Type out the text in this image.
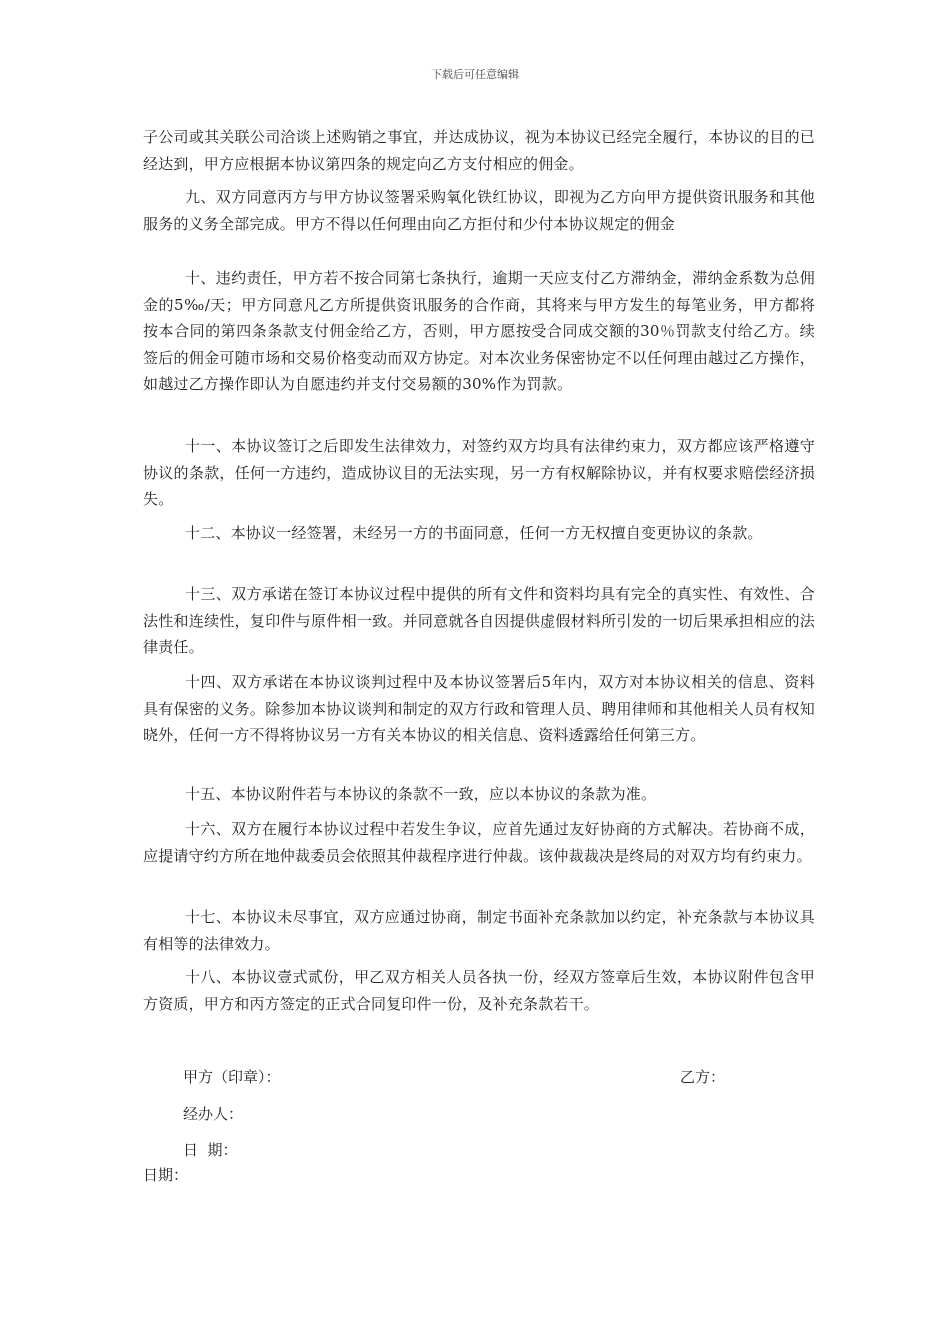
下载后可任意编辑

子公司或其关联公司洽谈上述购销之事宜，并达成协议，视为本协议已经完全履行，本协议的目的已经达到，甲方应根据本协议第四条的规定向乙方支付相应的佣金。

九、双方同意丙方与甲方协议签署采购氧化铁红协议，即视为乙方向甲方提供资讯服务和其他服务的义务全部完成。甲方不得以任何理由向乙方拒付和少付本协议规定的佣金

十、违约责任，甲方若不按合同第七条执行，逾期一天应支付乙方滞纳金，滞纳金系数为总佣金的5‰/天；甲方同意凡乙方所提供资讯服务的合作商，其将来与甲方发生的每笔业务，甲方都将按本合同的第四条条款支付佣金给乙方，否则，甲方愿按受合同成交额的30％罚款支付给乙方。续签后的佣金可随市场和交易价格变动而双方协定。对本次业务保密协定不以任何理由越过乙方操作，如越过乙方操作即认为自愿违约并支付交易额的30%作为罚款。

十一、本协议签订之后即发生法律效力，对签约双方均具有法律约束力，双方都应该严格遵守协议的条款，任何一方违约，造成协议目的无法实现，另一方有权解除协议，并有权要求赔偿经济损失。

十二、本协议一经签署，未经另一方的书面同意，任何一方无权擅自变更协议的条款。

十三、双方承诺在签订本协议过程中提供的所有文件和资料均具有完全的真实性、有效性、合法性和连续性，复印件与原件相一致。并同意就各自因提供虚假材料所引发的一切后果承担相应的法律责任。

十四、双方承诺在本协议谈判过程中及本协议签署后5年内，双方对本协议相关的信息、资料具有保密的义务。除参加本协议谈判和制定的双方行政和管理人员、聘用律师和其他相关人员有权知晓外，任何一方不得将协议另一方有关本协议的相关信息、资料透露给任何第三方。

十五、本协议附件若与本协议的条款不一致，应以本协议的条款为准。

十六、双方在履行本协议过程中若发生争议，应首先通过友好协商的方式解决。若协商不成，应提请守约方所在地仲裁委员会依照其仲裁程序进行仲裁。该仲裁裁决是终局的对双方均有约束力。

十七、本协议未尽事宜，双方应通过协商，制定书面补充条款加以约定，补充条款与本协议具有相等的法律效力。

十八、本协议壹式贰份，甲乙双方相关人员各执一份，经双方签章后生效，本协议附件包含甲方资质，甲方和丙方签定的正式合同复印件一份，及补充条款若干。

甲方（印章）：	乙方：
经办人：
日  期：
日期：
